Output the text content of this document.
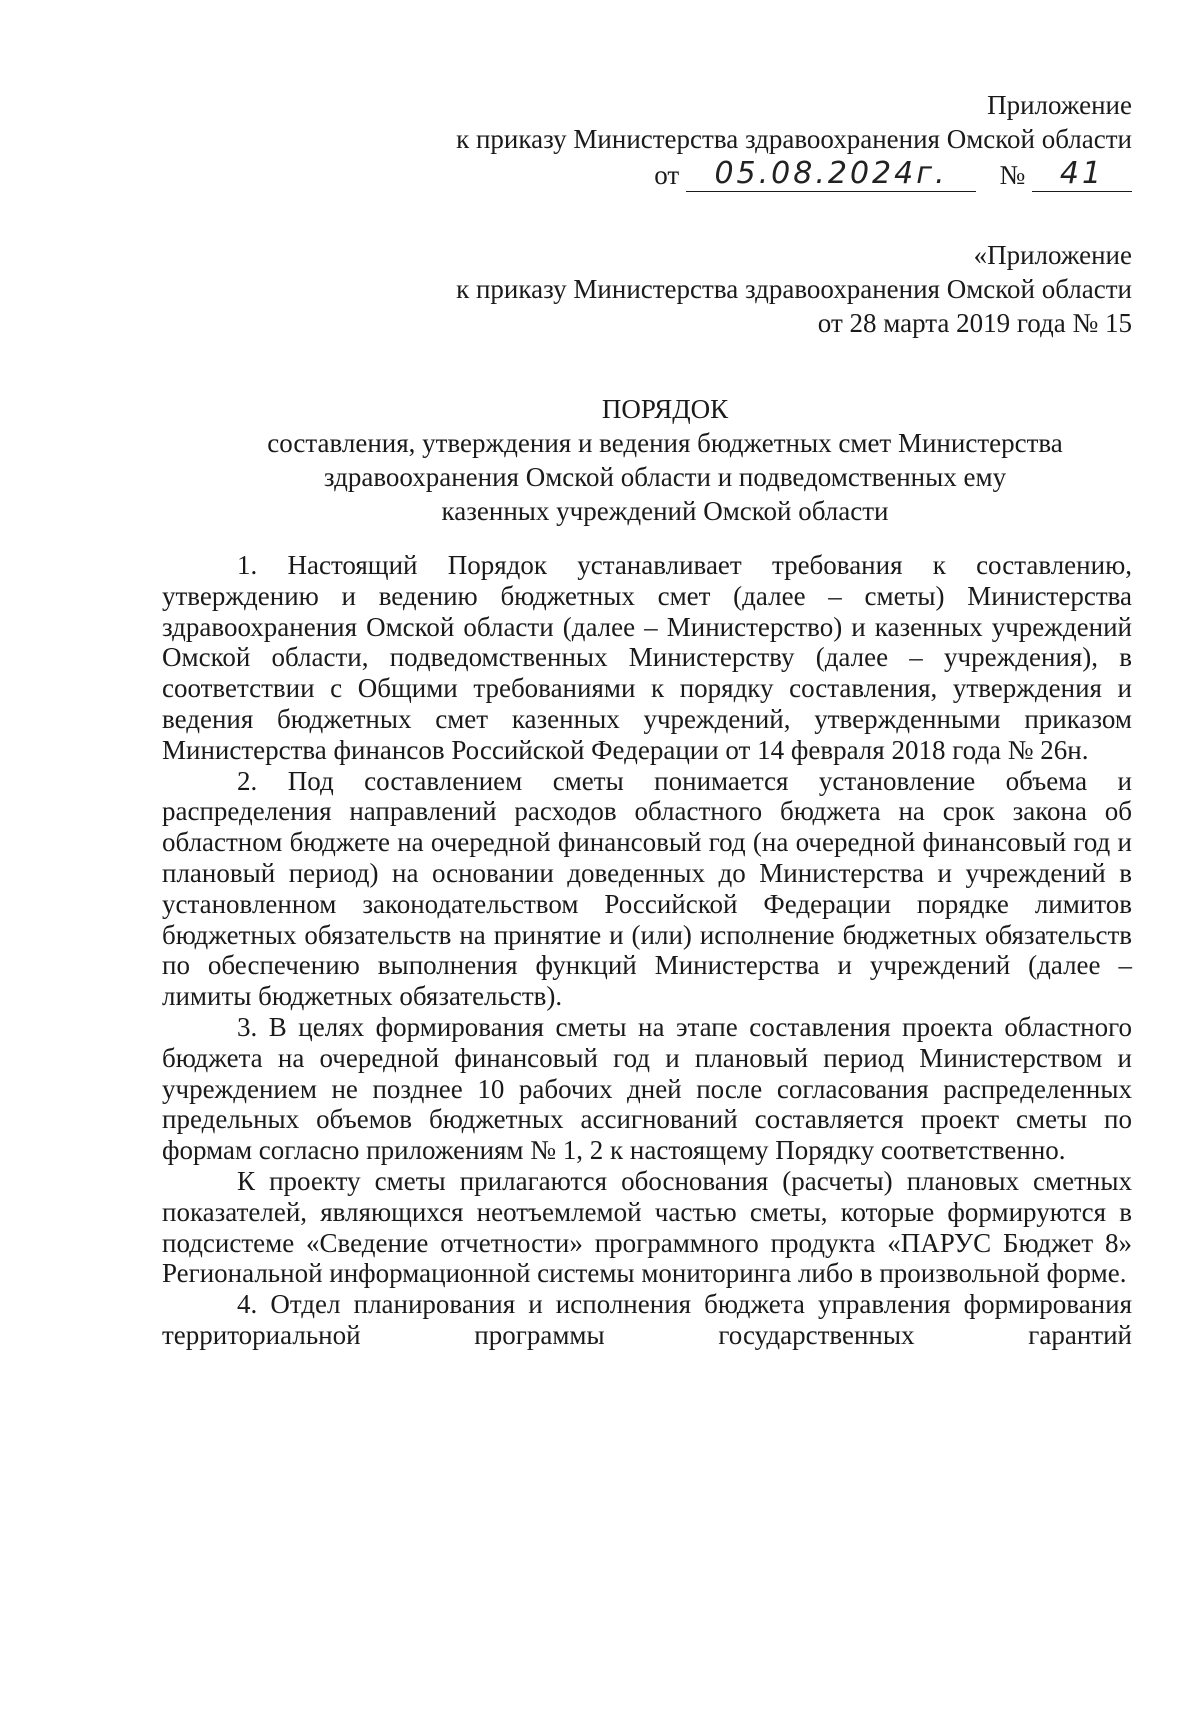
Приложение
к приказу Министерства здравоохранения Омской области
от 05.08.2024г. № 41
«Приложение
к приказу Министерства здравоохранения Омской области
от 28 марта 2019 года № 15
ПОРЯДОК
составления, утверждения и ведения бюджетных смет Министерства
здравоохранения Омской области и подведомственных ему
казенных учреждений Омской области

1. Настоящий Порядок устанавливает требования к составлению, утверждению и ведению бюджетных смет (далее – сметы) Министерства здравоохранения Омской области (далее – Министерство) и казенных учреждений Омской области, подведомственных Министерству (далее – учреждения), в соответствии с Общими требованиями к порядку составления, утверждения и ведения бюджетных смет казенных учреждений, утвержденными приказом Министерства финансов Российской Федерации от 14 февраля 2018 года № 26н.

2. Под составлением сметы понимается установление объема и распределения направлений расходов областного бюджета на срок закона об областном бюджете на очередной финансовый год (на очередной финансовый год и плановый период) на основании доведенных до Министерства и учреждений в установленном законодательством Российской Федерации порядке лимитов бюджетных обязательств на принятие и (или) исполнение бюджетных обязательств по обеспечению выполнения функций Министерства и учреждений (далее – лимиты бюджетных обязательств).

3. В целях формирования сметы на этапе составления проекта областного бюджета на очередной финансовый год и плановый период Министерством и учреждением не позднее 10 рабочих дней после согласования распределенных предельных объемов бюджетных ассигнований составляется проект сметы по формам согласно приложениям № 1, 2 к настоящему Порядку соответственно.

К проекту сметы прилагаются обоснования (расчеты) плановых сметных показателей, являющихся неотъемлемой частью сметы, которые формируются в подсистеме «Сведение отчетности» программного продукта «ПАРУС Бюджет 8» Региональной информационной системы мониторинга либо в произвольной форме.

4. Отдел планирования и исполнения бюджета управления формирования территориальной программы государственных гарантий
